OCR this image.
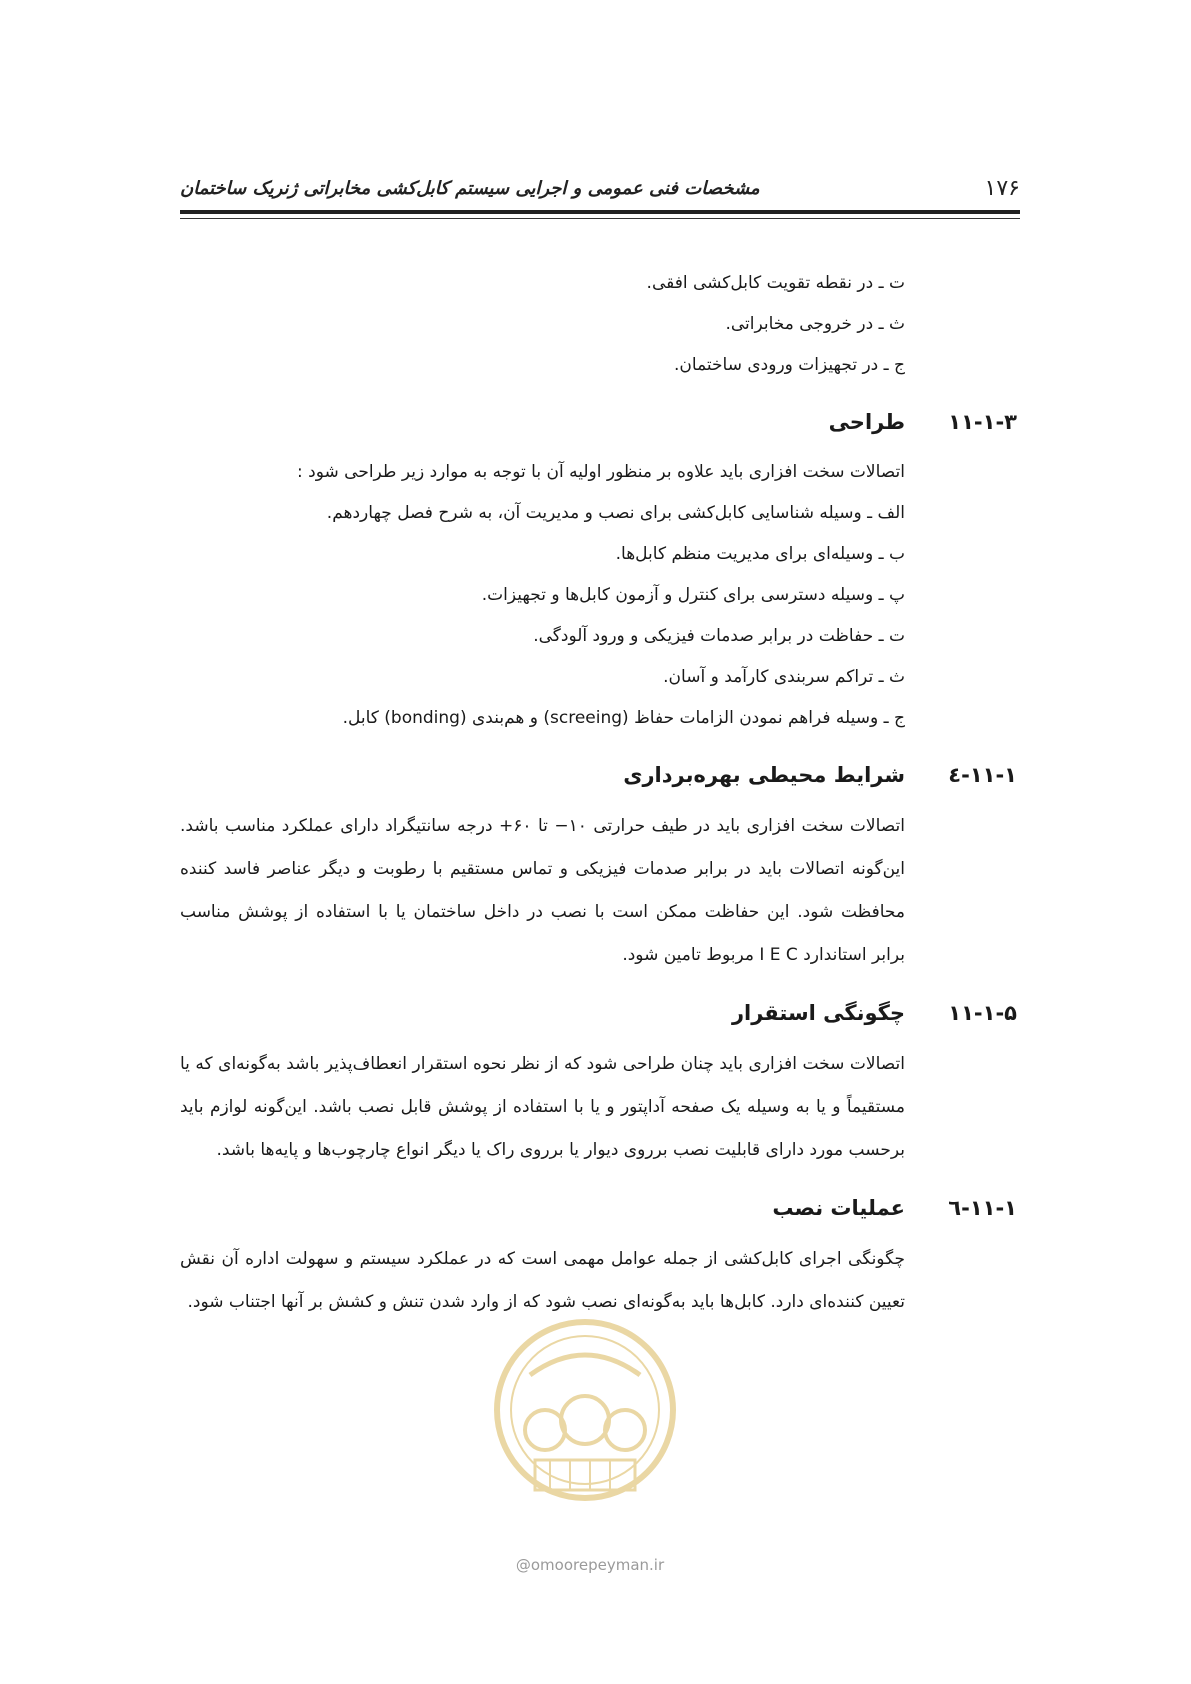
۱۷۶
مشخصات فنی عمومی و اجرایی سیستم کابل‌کشی مخابراتی ژنریک ساختمان
ت ـ در نقطه تقویت کابل‌کشی افقی.
ث ـ در خروجی مخابراتی.
ج ـ در تجهیزات ورودی ساختمان.
۱۱-۱-۳
طراحی
اتصالات سخت افزاری باید علاوه بر منظور اولیه آن با توجه به موارد زیر طراحی شود :
الف ـ وسیله شناسایی کابل‌کشی برای نصب و مدیریت آن، به شرح فصل چهاردهم.
ب ـ وسیله‌ای برای مدیریت منظم کابل‌ها.
پ ـ وسیله دسترسی برای کنترل و آزمون کابل‌ها و تجهیزات.
ت ـ حفاظت در برابر صدمات فیزیکی و ورود آلودگی.
ث ـ تراکم سربندی کارآمد و آسان.
ج ـ وسیله فراهم نمودن الزامات حفاظ (screeing) و هم‌بندی (bonding) کابل.
۱۱-۱-٤
شرایط محیطی بهره‌برداری
اتصالات سخت افزاری باید در طیف حرارتی ۱۰− تا ۶۰+ درجه سانتیگراد دارای عملکرد مناسب باشد. این‌گونه اتصالات باید در برابر صدمات فیزیکی و تماس مستقیم با رطوبت و دیگر عناصر فاسد کننده محافظت شود. این حفاظت ممکن است با نصب در داخل ساختمان یا با استفاده از پوشش مناسب برابر استاندارد I E C مربوط تامین شود.
۱۱-۱-۵
چگونگی استقرار
اتصالات سخت افزاری باید چنان طراحی شود که از نظر نحوه استقرار انعطاف‌پذیر باشد به‌گونه‌ای که یا مستقیماً و یا به وسیله یک صفحه آداپتور و یا با استفاده از پوشش قابل نصب باشد. این‌گونه لوازم باید برحسب مورد دارای قابلیت نصب برروی دیوار یا برروی راک یا دیگر انواع چارچوب‌ها و پایه‌ها باشد.
۱۱-۱-٦
عملیات نصب
چگونگی اجرای کابل‌کشی از جمله عوامل مهمی است که در عملکرد سیستم و سهولت اداره آن نقش تعیین کننده‌ای دارد. کابل‌ها باید به‌گونه‌ای نصب شود که از وارد شدن تنش و کشش بر آنها اجتناب شود.
@omoorepeyman.ir
